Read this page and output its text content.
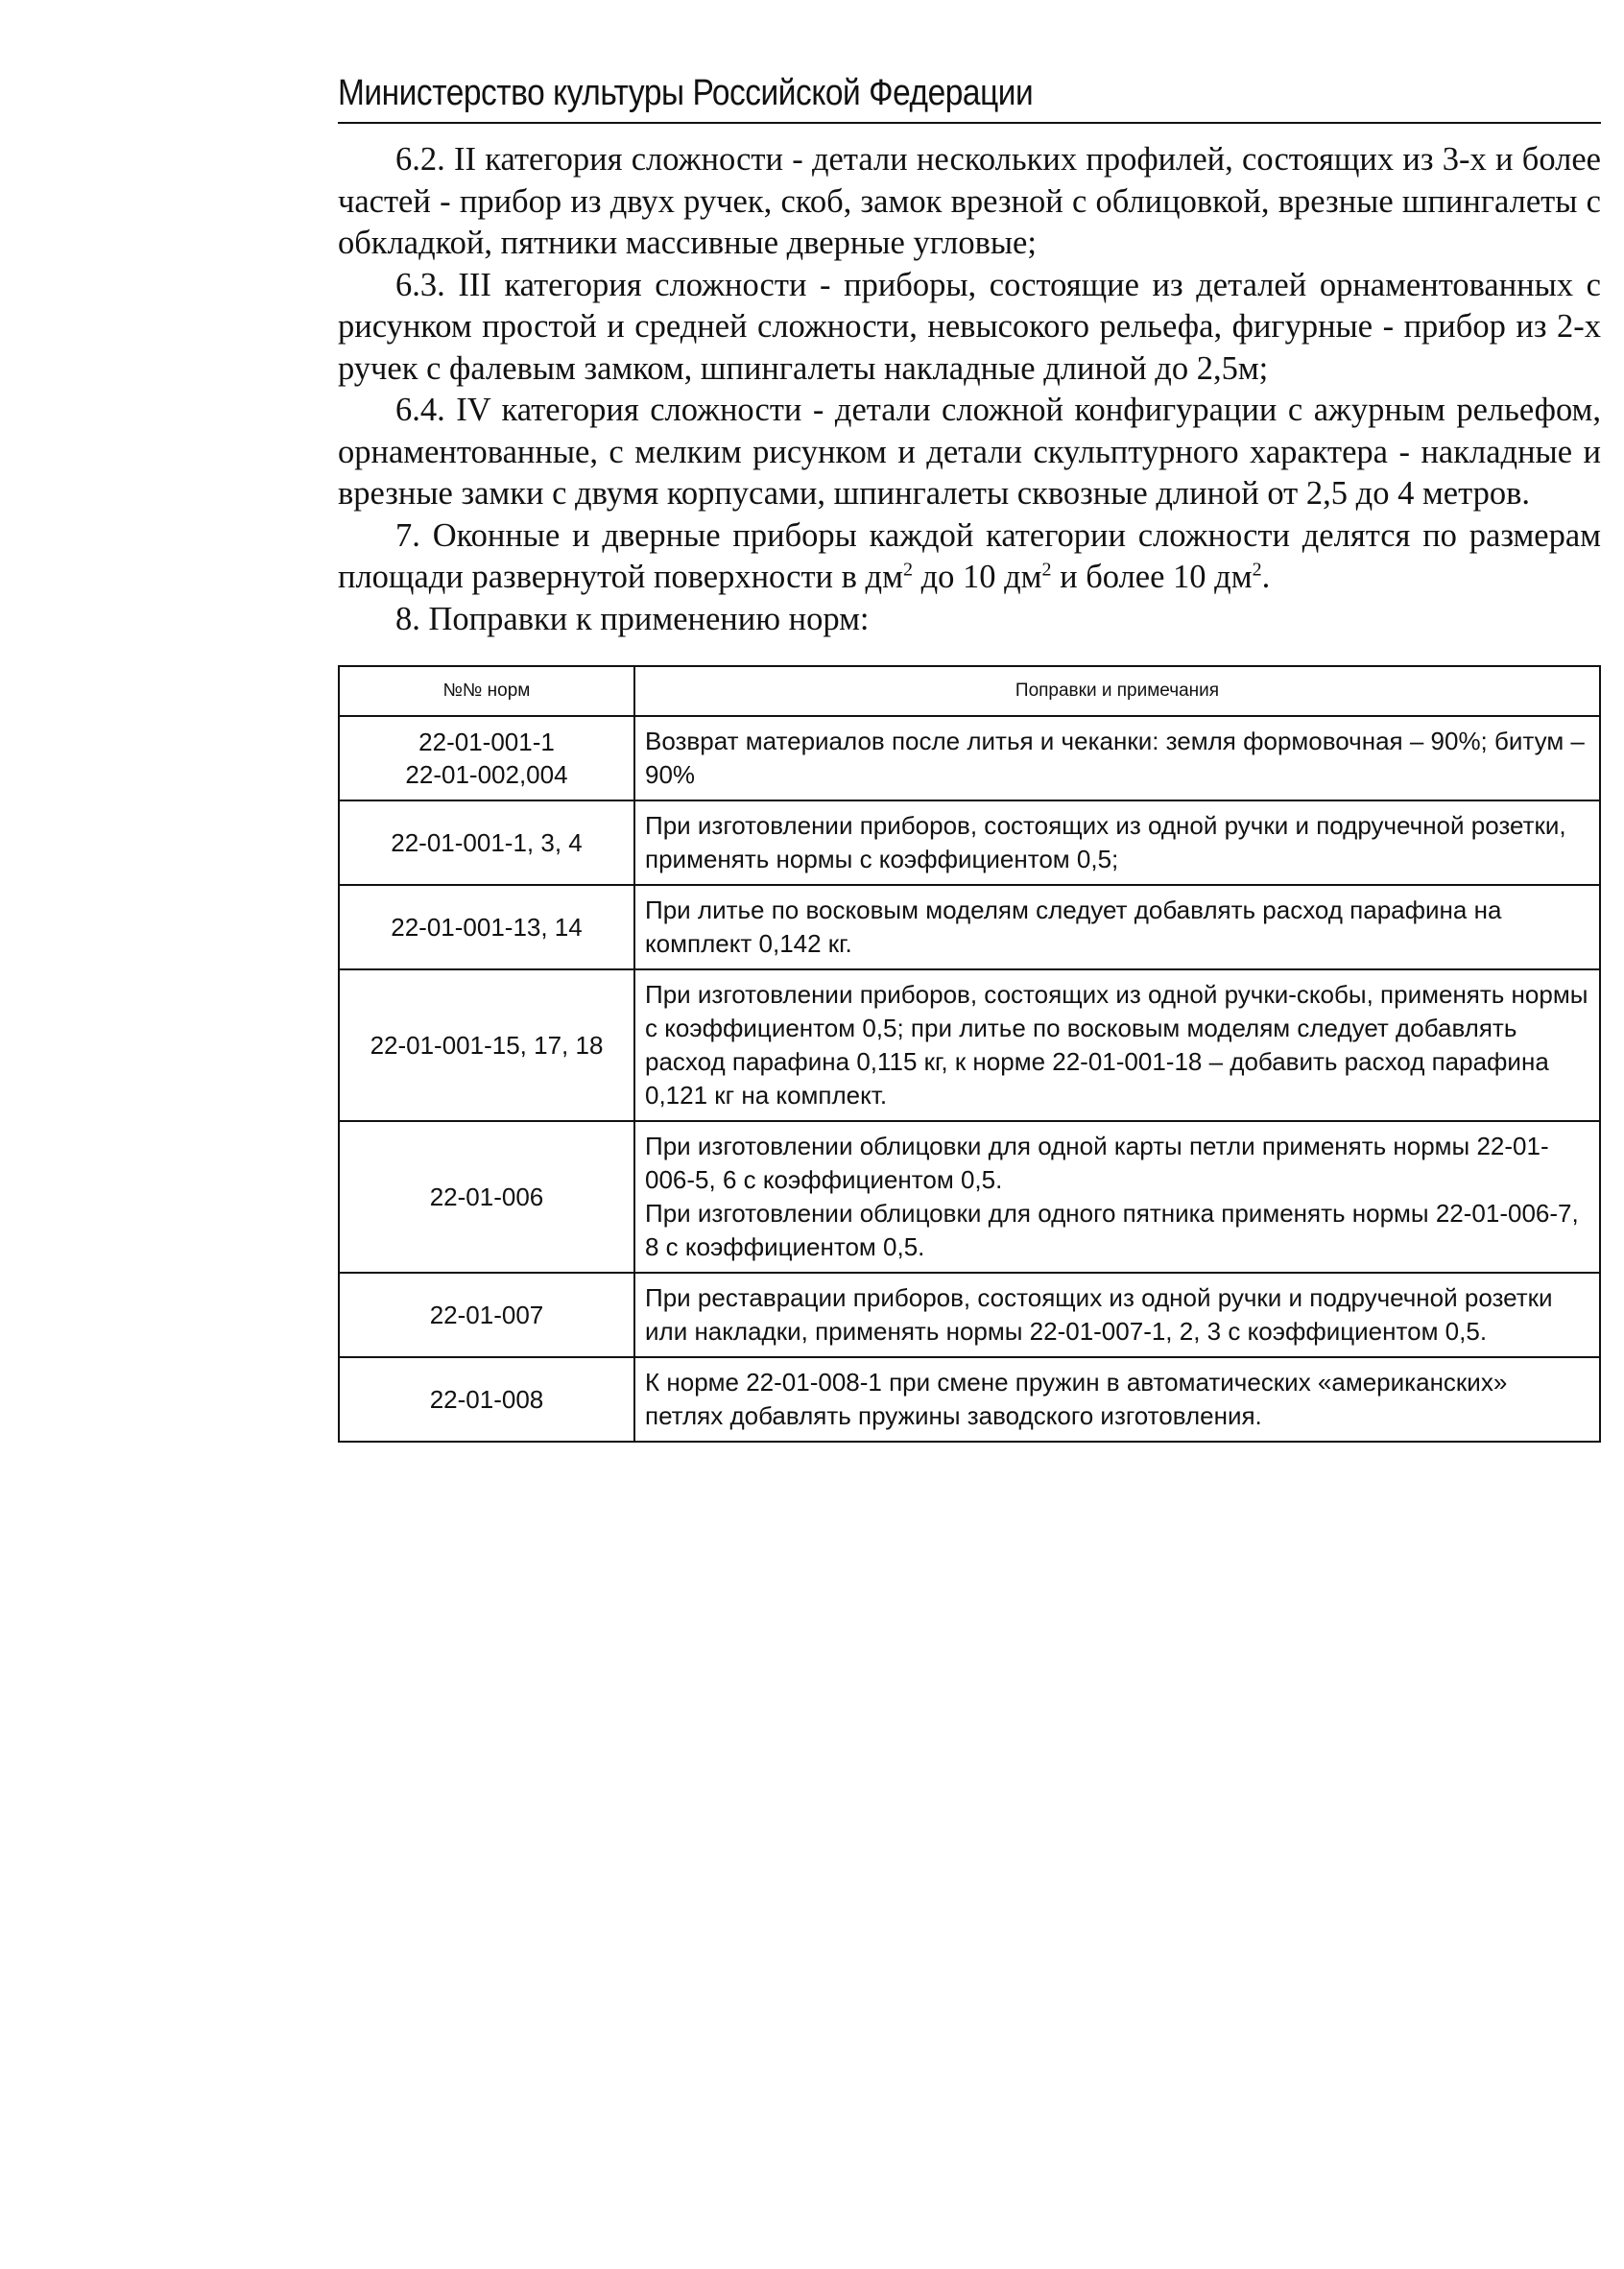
Министерство культуры Российской Федерации

6.2. II категория сложности - детали нескольких профилей, состоящих из 3-х и более частей - прибор из двух ручек, скоб, замок врезной с облицовкой, врезные шпингалеты с обкладкой, пятники массивные дверные угловые;

6.3. III категория сложности - приборы, состоящие из деталей орнаментованных с рисунком простой и средней сложности, невысокого рельефа, фигурные - прибор из 2-х ручек с фалевым замком, шпингалеты накладные длиной до 2,5м;

6.4. IV категория сложности - детали сложной конфигурации с ажурным рельефом, орнаментованные, с мелким рисунком и детали скульптурного характера - накладные и врезные замки с двумя корпусами, шпингалеты сквозные длиной от 2,5 до 4 метров.

7. Оконные и дверные приборы каждой категории сложности делятся по размерам площади развернутой поверхности в $дм^2$ до 10 $дм^2$ и более 10 $дм^2$.

8. Поправки к применению норм:

№№ норм	Поправки и примечания

22-01-001-1
22-01-002,004	Возврат материалов после литья и чеканки: земля формовочная – 90%; битум – 90%

22-01-001-1, 3, 4	При изготовлении приборов, состоящих из одной ручки и подручечной розетки, применять нормы с коэффициентом 0,5;

22-01-001-13, 14	При литье по восковым моделям следует добавлять расход парафина на комплект 0,142 кг.

22-01-001-15, 17, 18	При изготовлении приборов, состоящих из одной ручки-скобы, применять нормы с коэффициентом 0,5; при литье по восковым моделям следует добавлять расход парафина 0,115 кг, к норме 22-01-001-18 – добавить расход парафина 0,121 кг на комплект.

22-01-006	При изготовлении облицовки для одной карты петли применять нормы 22-01-006-5, 6 с коэффициентом 0,5.
При изготовлении облицовки для одного пятника применять нормы 22-01-006-7, 8 с коэффициентом 0,5.

22-01-007	При реставрации приборов, состоящих из одной ручки и подручечной розетки или накладки, применять нормы 22-01-007-1, 2, 3 с коэффициентом 0,5.

22-01-008	К норме 22-01-008-1 при смене пружин в автоматических «американских» петлях добавлять пружины заводского изготовления.
